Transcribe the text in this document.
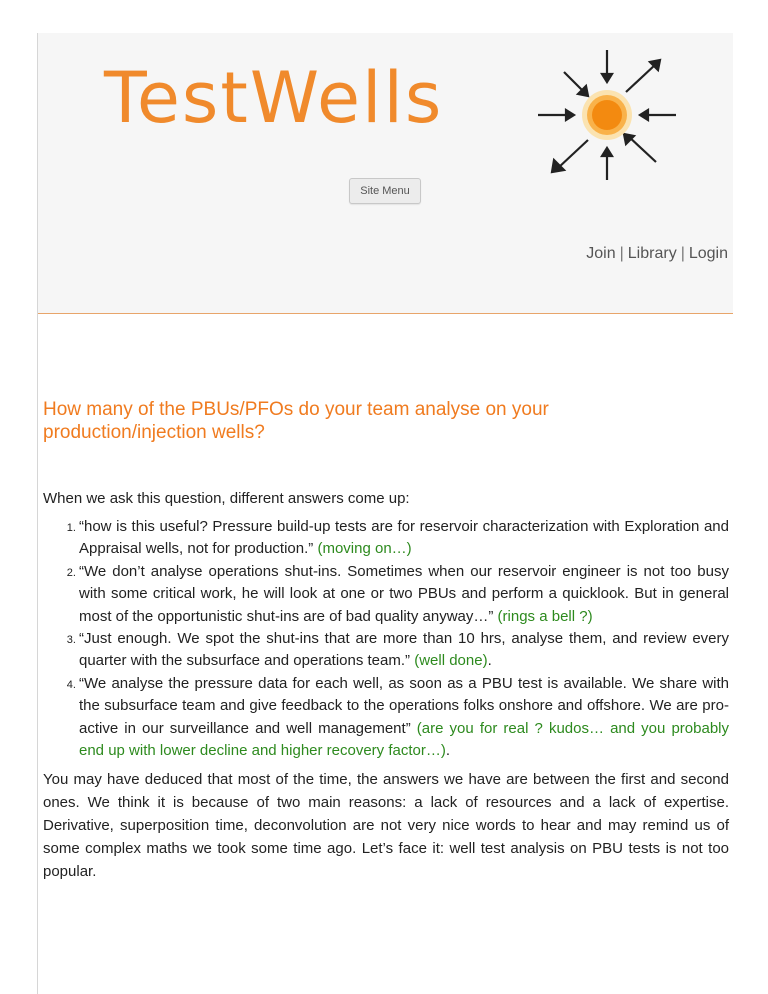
TestWells
Site Menu
Join | Library | Login
How many of the PBUs/PFOs do your team analyse on your production/injection wells?

When we ask this question, different answers come up:

1. “how is this useful? Pressure build-up tests are for reservoir characterization with Exploration and Appraisal wells, not for production.” (moving on…)
2. “We don’t analyse operations shut-ins. Sometimes when our reservoir engineer is not too busy with some critical work, he will look at one or two PBUs and perform a quicklook. But in general most of the opportunistic shut-ins are of bad quality anyway…” (rings a bell ?)
3. “Just enough. We spot the shut-ins that are more than 10 hrs, analyse them, and review every quarter with the subsurface and operations team.” (well done).
4. “We analyse the pressure data for each well, as soon as a PBU test is available. We share with the subsurface team and give feedback to the operations folks onshore and offshore. We are pro-active in our surveillance and well management” (are you for real ? kudos… and you probably end up with lower decline and higher recovery factor…).

You may have deduced that most of the time, the answers we have are between the first and second ones. We think it is because of two main reasons: a lack of resources and a lack of expertise. Derivative, superposition time, deconvolution are not very nice words to hear and may remind us of some complex maths we took some time ago. Let’s face it: well test analysis on PBU tests is not too popular.
